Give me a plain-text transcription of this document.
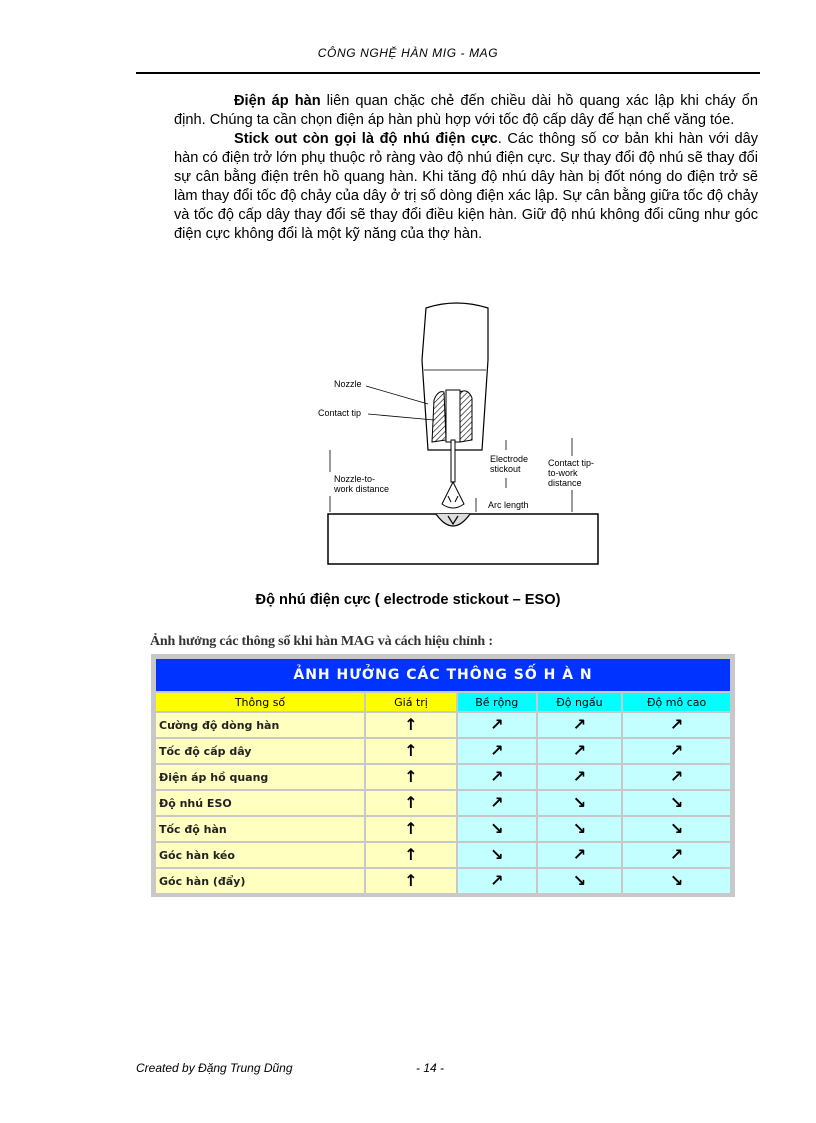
CÔNG NGHỆ HÀN MIG - MAG

Điện áp hàn liên quan chặc chẻ đến chiều dài hồ quang xác lập khi cháy ổn định. Chúng ta cần chọn điện áp hàn phù hợp với tốc độ cấp dây để hạn chế văng tóe.

Stick out còn gọi là độ nhú điện cực. Các thông số cơ bản khi hàn với dây hàn có điện trở lớn phụ thuộc rỏ ràng vào độ nhú điện cực. Sự thay đổi độ nhú sẽ thay đổi sự cân bằng điện trên hồ quang hàn. Khi tăng độ nhú dây hàn bị đốt nóng do điện trở sẽ làm thay đổi tốc độ chảy của dây ở trị số dòng điện xác lập. Sự cân bằng giữa tốc độ chảy và tốc độ cấp dây thay đổi sẽ thay đổi điều kiện hàn. Giữ độ nhú không đổi cũng như góc điện cực không đổi là một kỹ năng của thợ hàn.

Nozzle
Contact tip
Electrode
stickout
Contact tip-
to-work
distance
Nozzle-to-
work distance
Arc length
Độ nhú điện cực ( electrode stickout – ESO)
Ảnh hưởng các thông số khi hàn MAG và cách hiệu chỉnh :
ẢNH HƯỞNG CÁC THÔNG SỐ H À N				
Thông số	Giá trị	Bề rộng	Độ ngấu	Độ mô cao
Cường độ dòng hàn	↑	↗	↗	↗
Tốc độ cấp dây	↑	↗	↗	↗
Điện áp hồ quang	↑	↗	↗	↗
Độ nhú ESO	↑	↗	↘	↘
Tốc độ hàn	↑	↘	↘	↘
Góc hàn kéo	↑	↘	↗	↗
Góc hàn (đẩy)	↑	↗	↘	↘
Created by Đặng Trung Dũng	- 14 -
